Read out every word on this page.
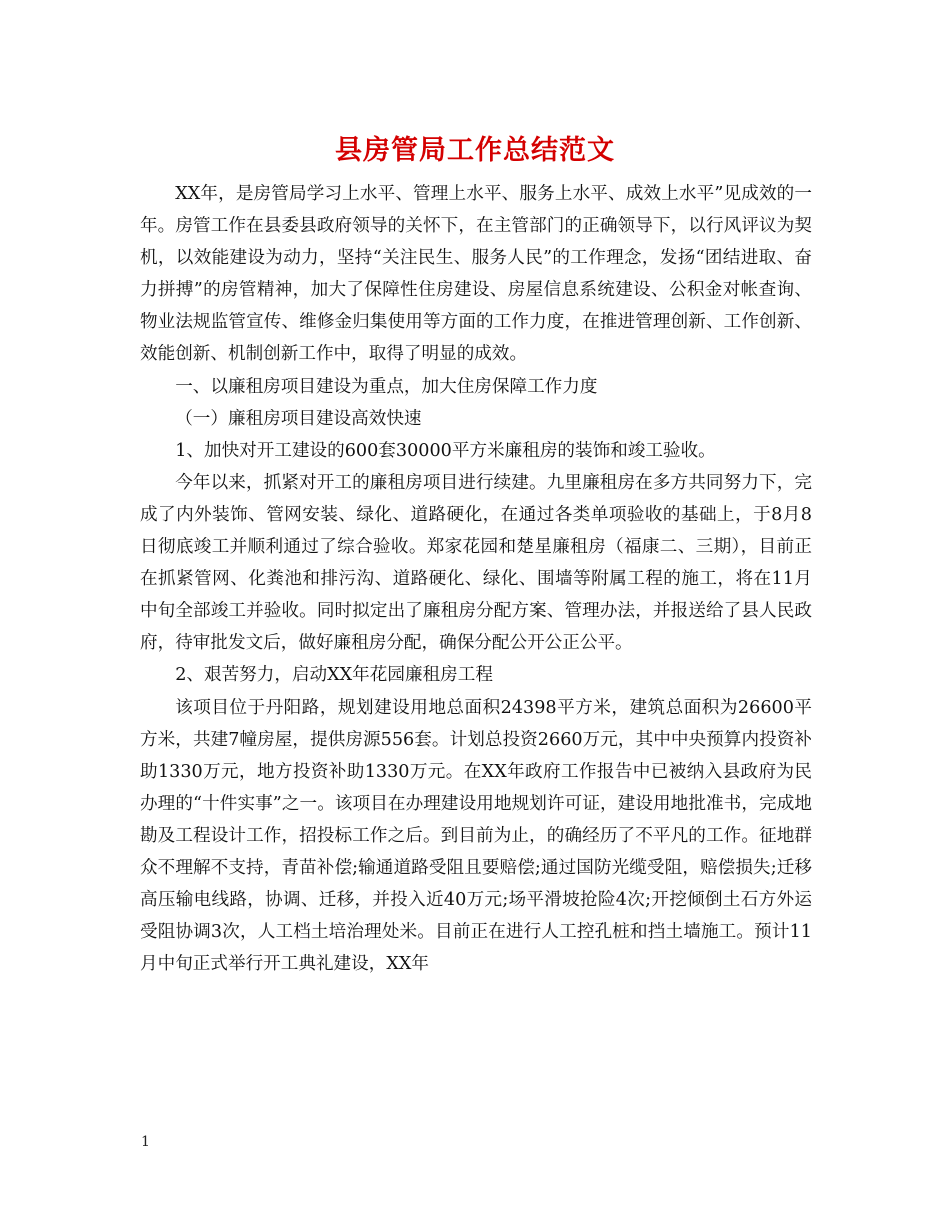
县房管局工作总结范文

XX年，是房管局学习上水平、管理上水平、服务上水平、成效上水平”见成效的一年。房管工作在县委县政府领导的关怀下，在主管部门的正确领导下，以行风评议为契机，以效能建设为动力，坚持“关注民生、服务人民”的工作理念，发扬“团结进取、奋力拼搏”的房管精神，加大了保障性住房建设、房屋信息系统建设、公积金对帐查询、物业法规监管宣传、维修金归集使用等方面的工作力度，在推进管理创新、工作创新、效能创新、机制创新工作中，取得了明显的成效。

一、以廉租房项目建设为重点，加大住房保障工作力度

（一）廉租房项目建设高效快速

1、加快对开工建设的600套30000平方米廉租房的装饰和竣工验收。

今年以来，抓紧对开工的廉租房项目进行续建。九里廉租房在多方共同努力下，完成了内外装饰、管网安装、绿化、道路硬化，在通过各类单项验收的基础上，于8月8日彻底竣工并顺利通过了综合验收。郑家花园和楚星廉租房（福康二、三期），目前正在抓紧管网、化粪池和排污沟、道路硬化、绿化、围墙等附属工程的施工，将在11月中旬全部竣工并验收。同时拟定出了廉租房分配方案、管理办法，并报送给了县人民政府，待审批发文后，做好廉租房分配，确保分配公开公正公平。

2、艰苦努力，启动XX年花园廉租房工程

该项目位于丹阳路，规划建设用地总面积24398平方米，建筑总面积为26600平方米，共建7幢房屋，提供房源556套。计划总投资2660万元，其中中央预算内投资补助1330万元，地方投资补助1330万元。在XX年政府工作报告中已被纳入县政府为民办理的“十件实事”之一。该项目在办理建设用地规划许可证，建设用地批准书，完成地勘及工程设计工作，招投标工作之后。到目前为止，的确经历了不平凡的工作。征地群众不理解不支持，青苗补偿;输通道路受阻且要赔偿;通过国防光缆受阻，赔偿损失;迁移高压输电线路，协调、迁移，并投入近40万元;场平滑坡抢险4次;开挖倾倒土石方外运受阻协调3次，人工档土培治理处米。目前正在进行人工控孔桩和挡土墙施工。预计11月中旬正式举行开工典礼建设，XX年

1
